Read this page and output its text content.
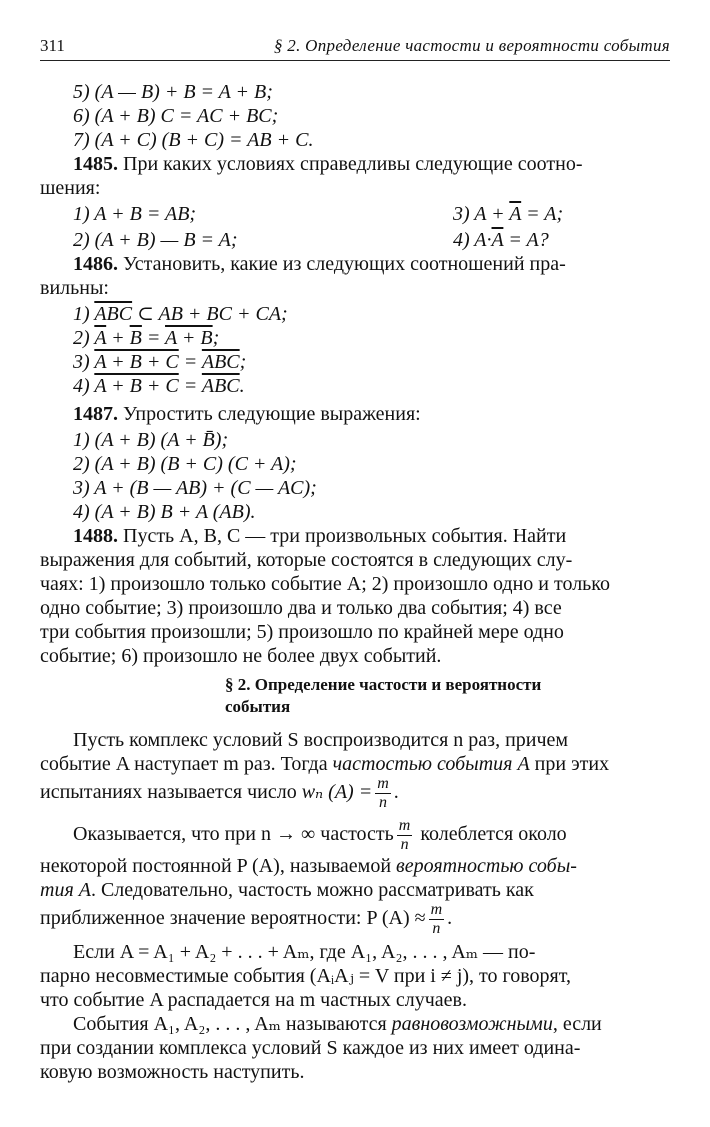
311	§ 2. Определение частости и вероятности события
5) (A — B) + B = A + B;
6) (A + B) C = AC + BC;
7) (A + C) (B + C) = AB + C.
1485. При каких условиях справедливы следующие соотно-
шения:
1) A + B = AB;	3) $A + \overline{A} = A$;
2) (A + B) — B = A;	4) $A\cdot\overline{A} = A$?
1486. Установить, какие из следующих соотношений пра-
вильны:
1) $\overline{ABC}$ ⊂ AB + BC + CA;
2) $\overline{A} + \overline{B} = A + B$;
3) $A + B + C = \overline{ABC}$;
4) $A + B + C = \overline{ABC}$.
1487. Упростить следующие выражения:
1) (A + B) (A + B̄);
2) (A + B) (B + C) (C + A);
3) A + (B — AB) + (C — AC);
4) (A + B) B + A (AB).
1488. Пусть A, B, C — три произвольных события. Найти
выражения для событий, которые состоятся в следующих слу-
чаях: 1) произошло только событие A; 2) произошло одно и только
одно событие; 3) произошло два и только два события; 4) все
три события произошли; 5) произошло по крайней мере одно
событие; 6) произошло не более двух событий.
§ 2. Определение частости и вероятности
события
Пусть комплекс условий S воспроизводится n раз, причем
событие A наступает m раз. Тогда частостью события A при этих
испытаниях называется число wₙ $(A) = \frac{m}{n}$ .
Оказывается, что при n → ∞ частость $\frac{m}{n}$ колеблется около
некоторой постоянной P (A), называемой вероятностью собы-
тия A. Следовательно, частость можно рассматривать как
приближенное значение вероятности: P $(A) \approx \frac{m}{n}$ .
Если A = A₁ + A₂ + . . . + Aₘ, где A₁, A₂, . . . , Aₘ — по-
парно несовместимые события (AᵢAⱼ = V при i ≠ j), то говорят,
что событие A распадается на m частных случаев.
События A₁, A₂, . . . , Aₘ называются равновозможными, если
при создании комплекса условий S каждое из них имеет одина-
ковую возможность наступить.
